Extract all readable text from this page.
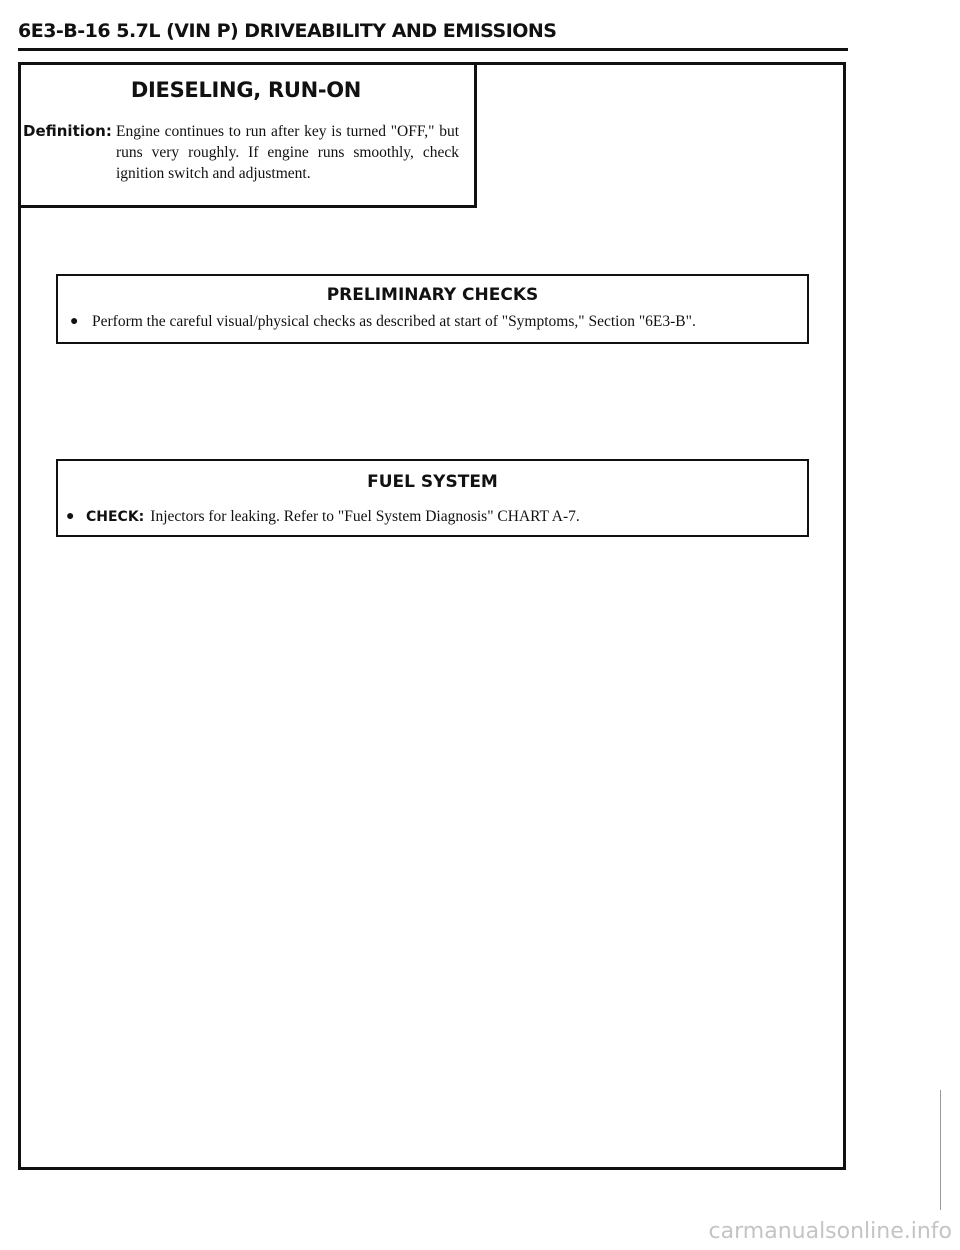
6E3-B-16 5.7L (VIN P) DRIVEABILITY AND EMISSIONS
DIESELING, RUN-ON
Definition: Engine continues to run after key is turned "OFF," but runs very roughly. If engine runs smoothly, check ignition switch and adjustment.
PRELIMINARY CHECKS
● Perform the careful visual/physical checks as described at start of "Symptoms," Section "6E3-B".
FUEL SYSTEM
● CHECK: Injectors for leaking. Refer to "Fuel System Diagnosis" CHART A-7.
carmanualsonline.info
